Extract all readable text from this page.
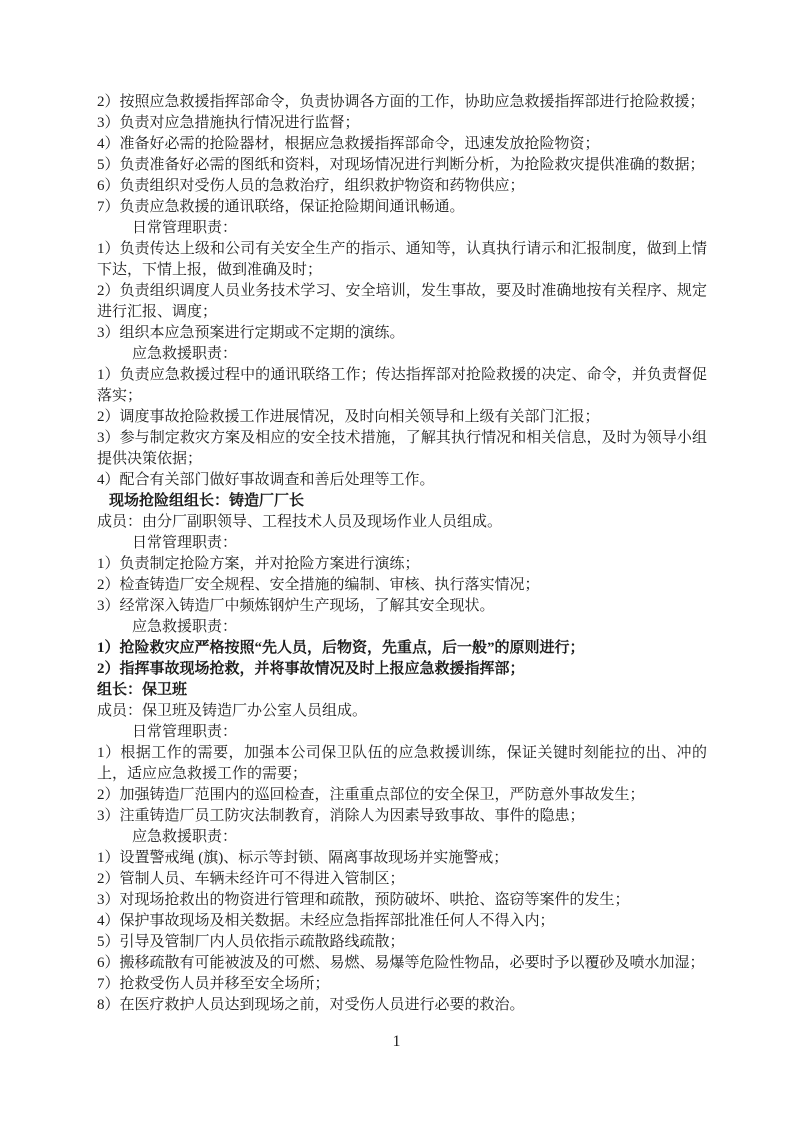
2）按照应急救援指挥部命令，负责协调各方面的工作，协助应急救援指挥部进行抢险救援；

3）负责对应急措施执行情况进行监督；

4）准备好必需的抢险器材，根据应急救援指挥部命令，迅速发放抢险物资；

5）负责准备好必需的图纸和资料，对现场情况进行判断分析，为抢险救灾提供准确的数据；

6）负责组织对受伤人员的急救治疗，组织救护物资和药物供应；

7）负责应急救援的通讯联络，保证抢险期间通讯畅通。

日常管理职责：

1）负责传达上级和公司有关安全生产的指示、通知等，认真执行请示和汇报制度，做到上情下达，下情上报，做到准确及时；

2）负责组织调度人员业务技术学习、安全培训，发生事故，要及时准确地按有关程序、规定进行汇报、调度；

3）组织本应急预案进行定期或不定期的演练。

应急救援职责：

1）负责应急救援过程中的通讯联络工作；传达指挥部对抢险救援的决定、命令，并负责督促落实；

2）调度事故抢险救援工作进展情况，及时向相关领导和上级有关部门汇报；

3）参与制定救灾方案及相应的安全技术措施，了解其执行情况和相关信息，及时为领导小组提供决策依据；

4）配合有关部门做好事故调查和善后处理等工作。

现场抢险组组长：铸造厂厂长

成员：由分厂副职领导、工程技术人员及现场作业人员组成。

日常管理职责：

1）负责制定抢险方案，并对抢险方案进行演练；

2）检查铸造厂安全规程、安全措施的编制、审核、执行落实情况；

3）经常深入铸造厂中频炼钢炉生产现场，了解其安全现状。

应急救援职责：

1）抢险救灾应严格按照“先人员，后物资，先重点，后一般”的原则进行；

2）指挥事故现场抢救，并将事故情况及时上报应急救援指挥部；

组长：保卫班

成员：保卫班及铸造厂办公室人员组成。

日常管理职责：

1）根据工作的需要，加强本公司保卫队伍的应急救援训练，保证关键时刻能拉的出、冲的上，适应应急救援工作的需要；

2）加强铸造厂范围内的巡回检查，注重重点部位的安全保卫，严防意外事故发生；

3）注重铸造厂员工防灾法制教育，消除人为因素导致事故、事件的隐患；

应急救援职责：

1）设置警戒绳 (旗)、标示等封锁、隔离事故现场并实施警戒；

2）管制人员、车辆未经许可不得进入管制区；

3）对现场抢救出的物资进行管理和疏散，预防破坏、哄抢、盗窃等案件的发生；

4）保护事故现场及相关数据。未经应急指挥部批准任何人不得入内；

5）引导及管制厂内人员依指示疏散路线疏散；

6）搬移疏散有可能被波及的可燃、易燃、易爆等危险性物品，必要时予以覆砂及喷水加湿；

7）抢救受伤人员并移至安全场所；

8）在医疗救护人员达到现场之前，对受伤人员进行必要的救治。

1
